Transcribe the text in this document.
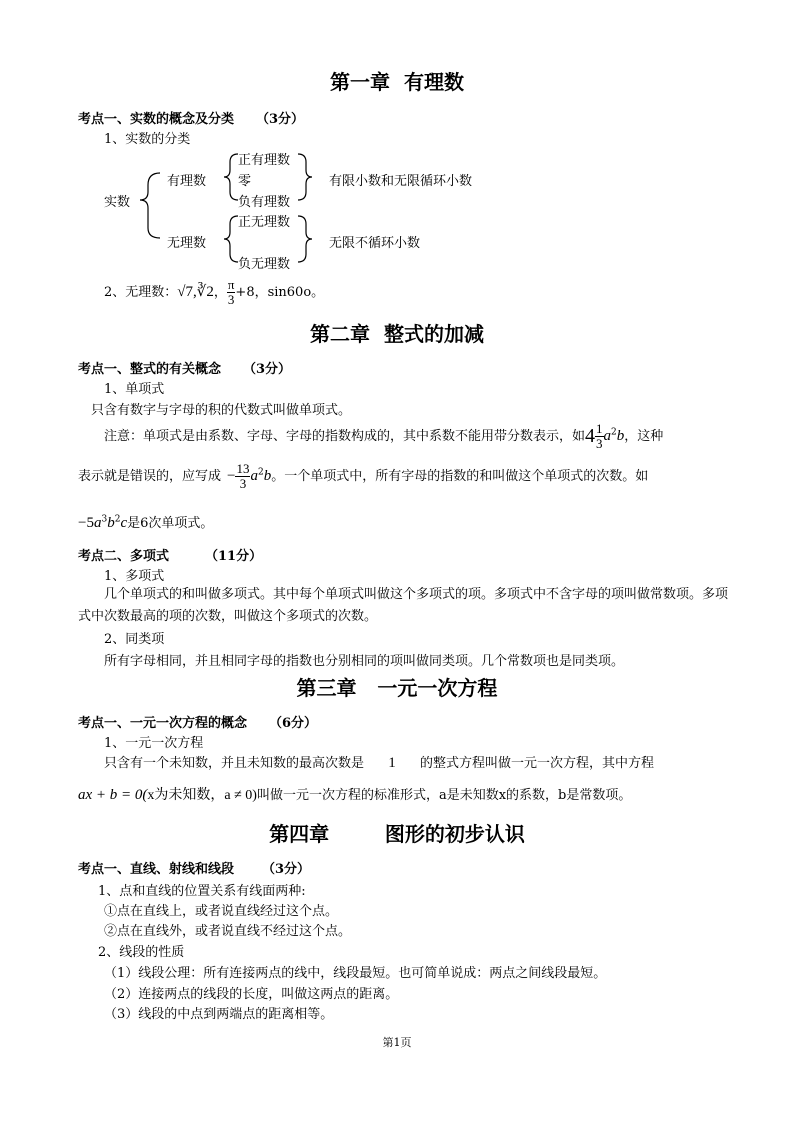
第一章  有理数
考点一、实数的概念及分类 （3分）
1、实数的分类
实数
有理数
正有理数
零
负有理数
有限小数和无限循环小数
无理数
正无理数
负无理数
无限不循环小数
2、无理数：√7,∛2， $\frac{\pi}{3} +8$，sin60o。
第二章  整式的加减
考点一、整式的有关概念 （3分）
1、单项式
只含有数字与字母的积的代数式叫做单项式。
注意：单项式是由系数、字母、字母的指数构成的，其中系数不能用带分数表示，如$4 \frac{1}{3} a^2b$，这种
表示就是错误的，应写成 − $\frac{13}{3} a^2b$。一个单项式中，所有字母的指数的和叫做这个单项式的次数。如
$-5a^3b^2c$是6次单项式。
考点二、多项式	（11分）
1、多项式
几个单项式的和叫做多项式。其中每个单项式叫做这个多项式的项。多项式中不含字母的项叫做常数项。多项式中次数最高的项的次数，叫做这个多项式的次数。
2、同类项
所有字母相同，并且相同字母的指数也分别相同的项叫做同类项。几个常数项也是同类项。
第三章   一元一次方程
考点一、一元一次方程的概念 （6分）
1、一元一次方程
只含有一个未知数，并且未知数的最高次数是 1 的整式方程叫做一元一次方程，其中方程
ax + b = 0(x为未知数，a ≠ 0)叫做一元一次方程的标准形式，a是未知数x的系数，b是常数项。
第四章        图形的初步认识
考点一、直线、射线和线段 （3分）
1、点和直线的位置关系有线面两种:
①点在直线上，或者说直线经过这个点。
②点在直线外，或者说直线不经过这个点。
2、线段的性质
（1）线段公理：所有连接两点的线中，线段最短。也可简单说成：两点之间线段最短。
（2）连接两点的线段的长度，叫做这两点的距离。
（3）线段的中点到两端点的距离相等。
第1页
